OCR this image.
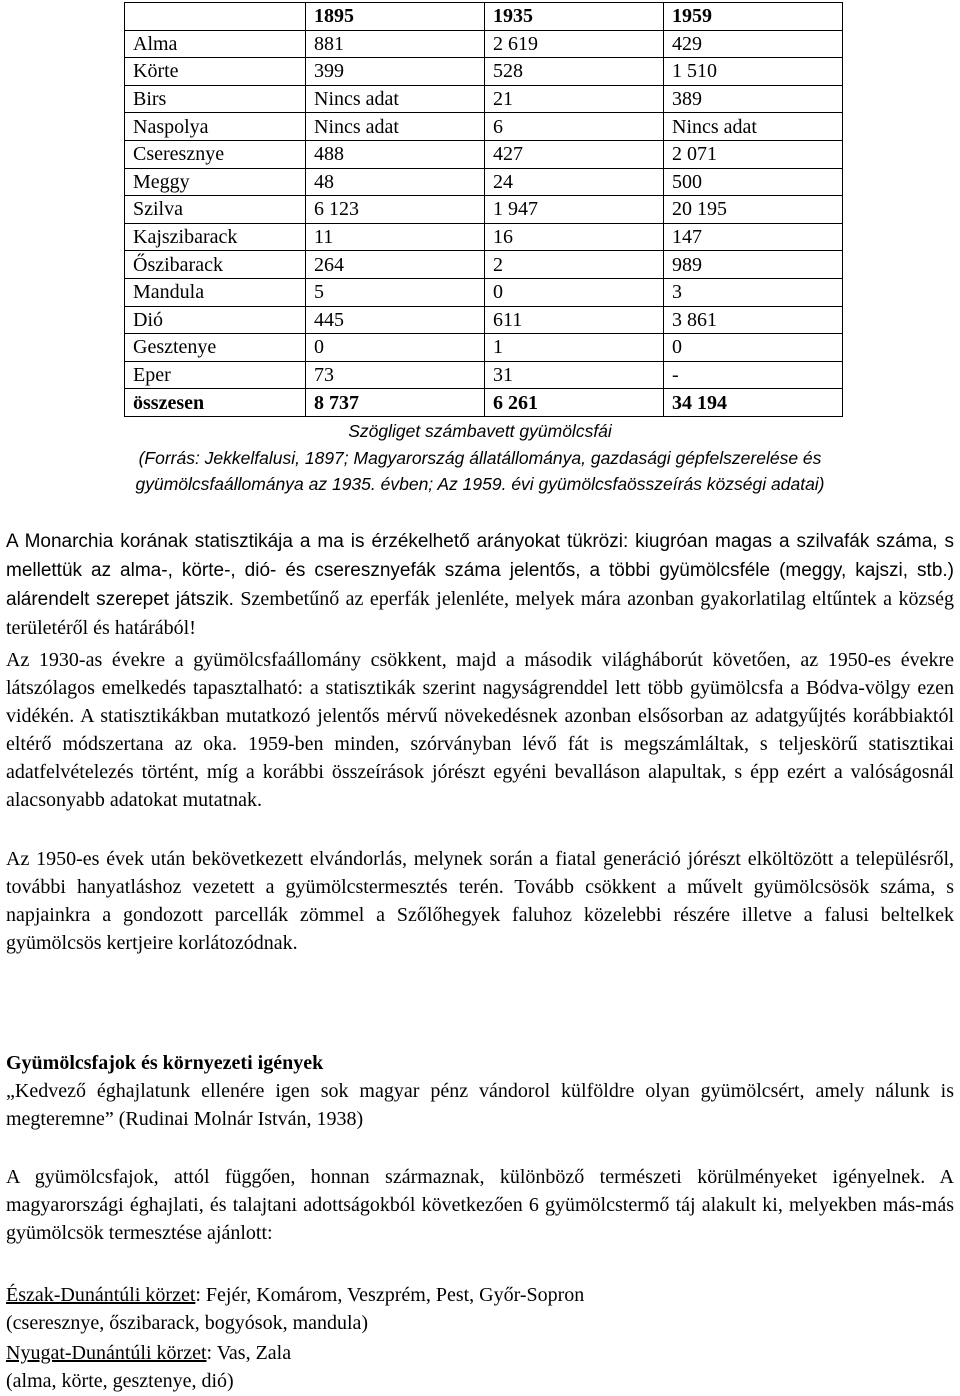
	1895	1935	1959
Alma	881	2 619	429
Körte	399	528	1 510
Birs	Nincs adat	21	389
Naspolya	Nincs adat	6	Nincs adat
Cseresznye	488	427	2 071
Meggy	48	24	500
Szilva	6 123	1 947	20 195
Kajszibarack	11	16	147
Őszibarack	264	2	989
Mandula	5	0	3
Dió	445	611	3 861
Gesztenye	0	1	0
Eper	73	31	-
összesen	8 737	6 261	34 194
Szögliget számbavett gyümölcsfái
(Forrás: Jekkelfalusi, 1897; Magyarország állatállománya, gazdasági gépfelszerelése és
gyümölcsfaállománya az 1935. évben; Az 1959. évi gyümölcsfaösszeírás községi adatai)

A Monarchia korának statisztikája a ma is érzékelhető arányokat tükrözi: kiugróan magas a szilvafák száma, s mellettük az alma-, körte-, dió- és cseresznyefák száma jelentős, a többi gyümölcsféle (meggy, kajszi, stb.) alárendelt szerepet játszik. Szembetűnő az eperfák jelenléte, melyek mára azonban gyakorlatilag eltűntek a község területéről és határából!

Az 1930-as évekre a gyümölcsfaállomány csökkent, majd a második világháborút követően, az 1950-es évekre látszólagos emelkedés tapasztalható: a statisztikák szerint nagyságrenddel lett több gyümölcsfa a Bódva-völgy ezen vidékén. A statisztikákban mutatkozó jelentős mérvű növekedésnek azonban elsősorban az adatgyűjtés korábbiaktól eltérő módszertana az oka. 1959-ben minden, szórványban lévő fát is megszámláltak, s teljeskörű statisztikai adatfelvételezés történt, míg a korábbi összeírások jórészt egyéni bevalláson alapultak, s épp ezért a valóságosnál alacsonyabb adatokat mutatnak.

Az 1950-es évek után bekövetkezett elvándorlás, melynek során a fiatal generáció jórészt elköltözött a településről, további hanyatláshoz vezetett a gyümölcstermesztés terén. Tovább csökkent a művelt gyümölcsösök száma, s napjainkra a gondozott parcellák zömmel a Szőlőhegyek faluhoz közelebbi részére illetve a falusi beltelkek gyümölcsös kertjeire korlátozódnak.

Gyümölcsfajok és környezeti igények

„Kedvező éghajlatunk ellenére igen sok magyar pénz vándorol külföldre olyan gyümölcsért, amely nálunk is megteremne” (Rudinai Molnár István, 1938)

A gyümölcsfajok, attól függően, honnan származnak, különböző természeti körülményeket igényelnek. A magyarországi éghajlati, és talajtani adottságokból következően 6 gyümölcstermő táj alakult ki, melyekben más-más gyümölcsök termesztése ajánlott:

Észak-Dunántúli körzet: Fejér, Komárom, Veszprém, Pest, Győr-Sopron
(cseresznye, őszibarack, bogyósok, mandula)
Nyugat-Dunántúli körzet: Vas, Zala
(alma, körte, gesztenye, dió)
